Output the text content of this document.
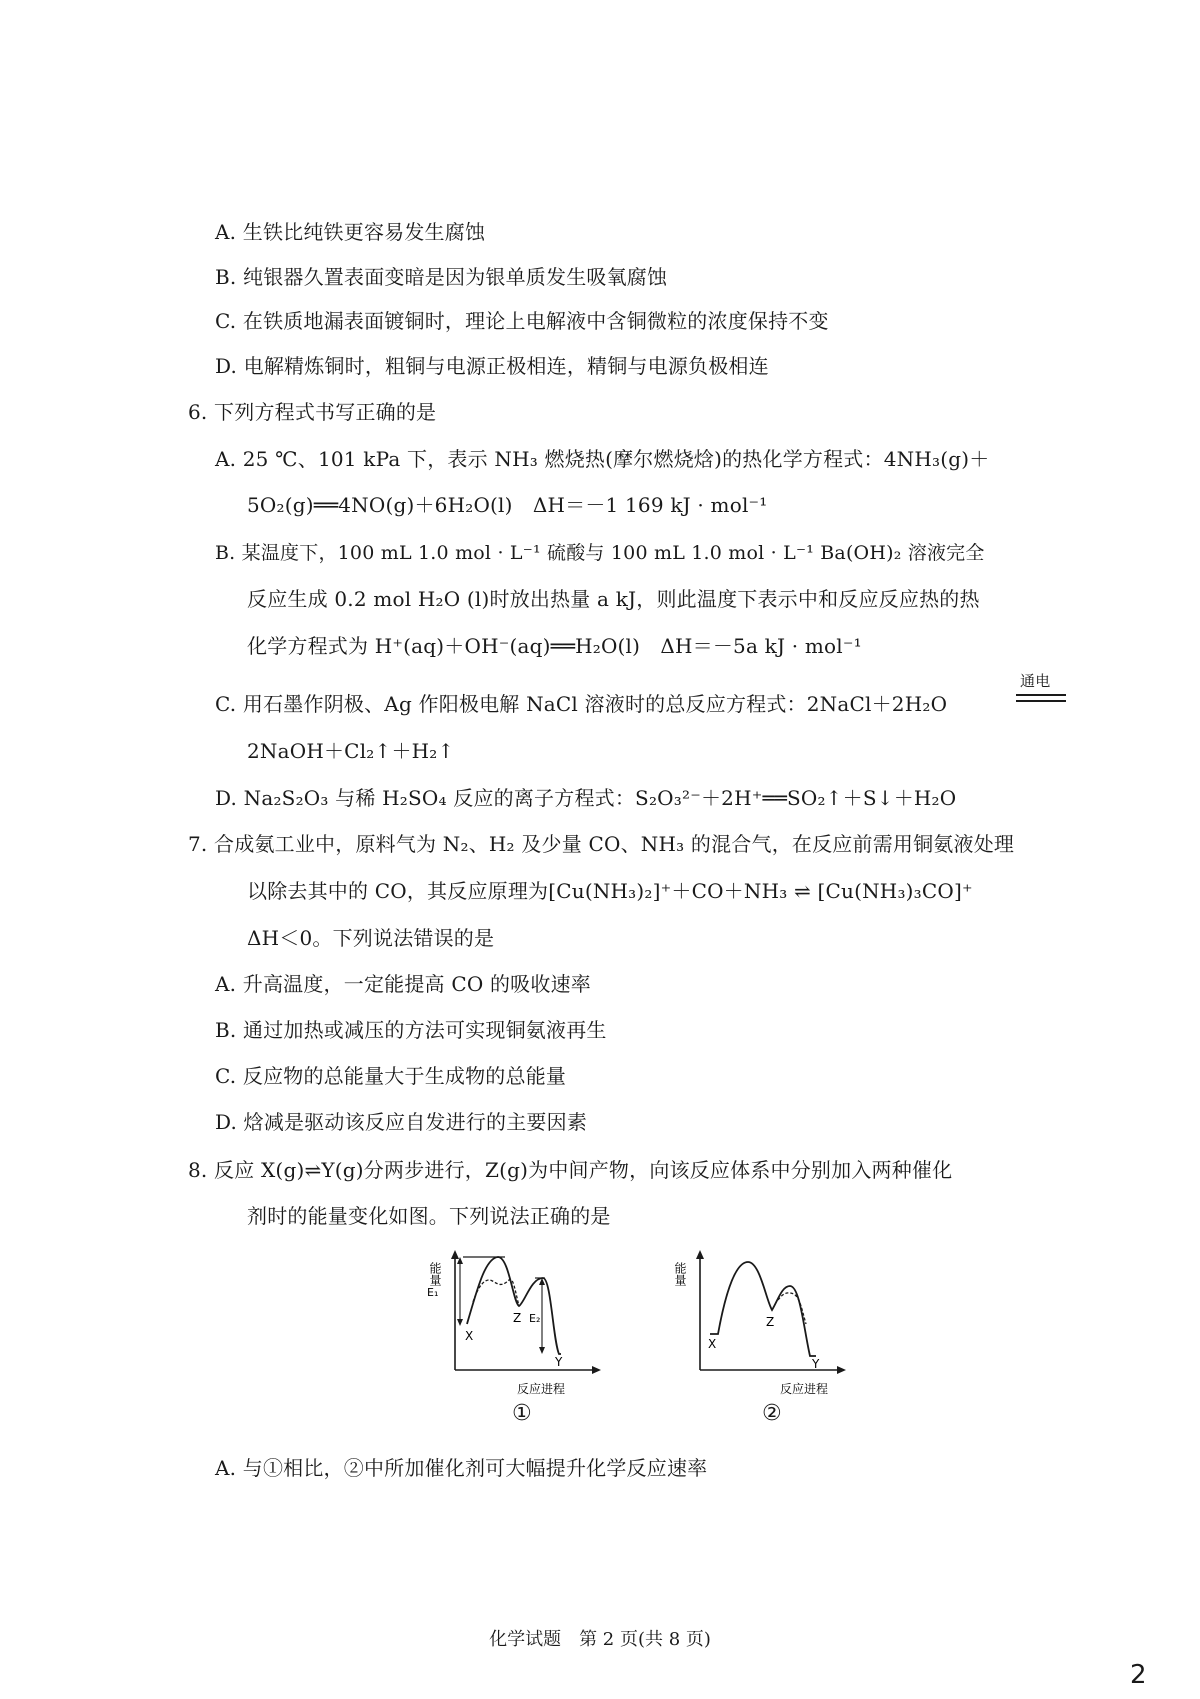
A. 生铁比纯铁更容易发生腐蚀
B. 纯银器久置表面变暗是因为银单质发生吸氧腐蚀
C. 在铁质地漏表面镀铜时，理论上电解液中含铜微粒的浓度保持不变
D. 电解精炼铜时，粗铜与电源正极相连，精铜与电源负极相连
6. 下列方程式书写正确的是
A. 25 ℃、101 kPa 下，表示 NH₃ 燃烧热(摩尔燃烧焓)的热化学方程式：4NH₃(g)＋
5O₂(g)══4NO(g)＋6H₂O(l)　ΔH＝－1 169 kJ · mol⁻¹
B. 某温度下，100 mL 1.0 mol · L⁻¹ 硫酸与 100 mL 1.0 mol · L⁻¹ Ba(OH)₂ 溶液完全
反应生成 0.2 mol H₂O (l)时放出热量 a kJ，则此温度下表示中和反应反应热的热
化学方程式为 H⁺(aq)＋OH⁻(aq)══H₂O(l)　ΔH＝－5a kJ · mol⁻¹
C. 用石墨作阴极、Ag 作阳极电解 NaCl 溶液时的总反应方程式：2NaCl＋2H₂O
通电
2NaOH＋Cl₂↑＋H₂↑
D. Na₂S₂O₃ 与稀 H₂SO₄ 反应的离子方程式：S₂O₃²⁻＋2H⁺══SO₂↑＋S↓＋H₂O
7. 合成氨工业中，原料气为 N₂、H₂ 及少量 CO、NH₃ 的混合气，在反应前需用铜氨液处理
以除去其中的 CO，其反应原理为[Cu(NH₃)₂]⁺＋CO＋NH₃ ⇌ [Cu(NH₃)₃CO]⁺
ΔH＜0。下列说法错误的是
A. 升高温度，一定能提高 CO 的吸收速率
B. 通过加热或减压的方法可实现铜氨液再生
C. 反应物的总能量大于生成物的总能量
D. 焓减是驱动该反应自发进行的主要因素
8. 反应 X(g)⇌Y(g)分两步进行，Z(g)为中间产物，向该反应体系中分别加入两种催化
剂时的能量变化如图。下列说法正确的是
能量
E₁
E₂
X
Z
Y
反应进程
①
能量
X
Z
Y
反应进程
②
A. 与①相比，②中所加催化剂可大幅提升化学反应速率
化学试题　第 2 页(共 8 页)
2
